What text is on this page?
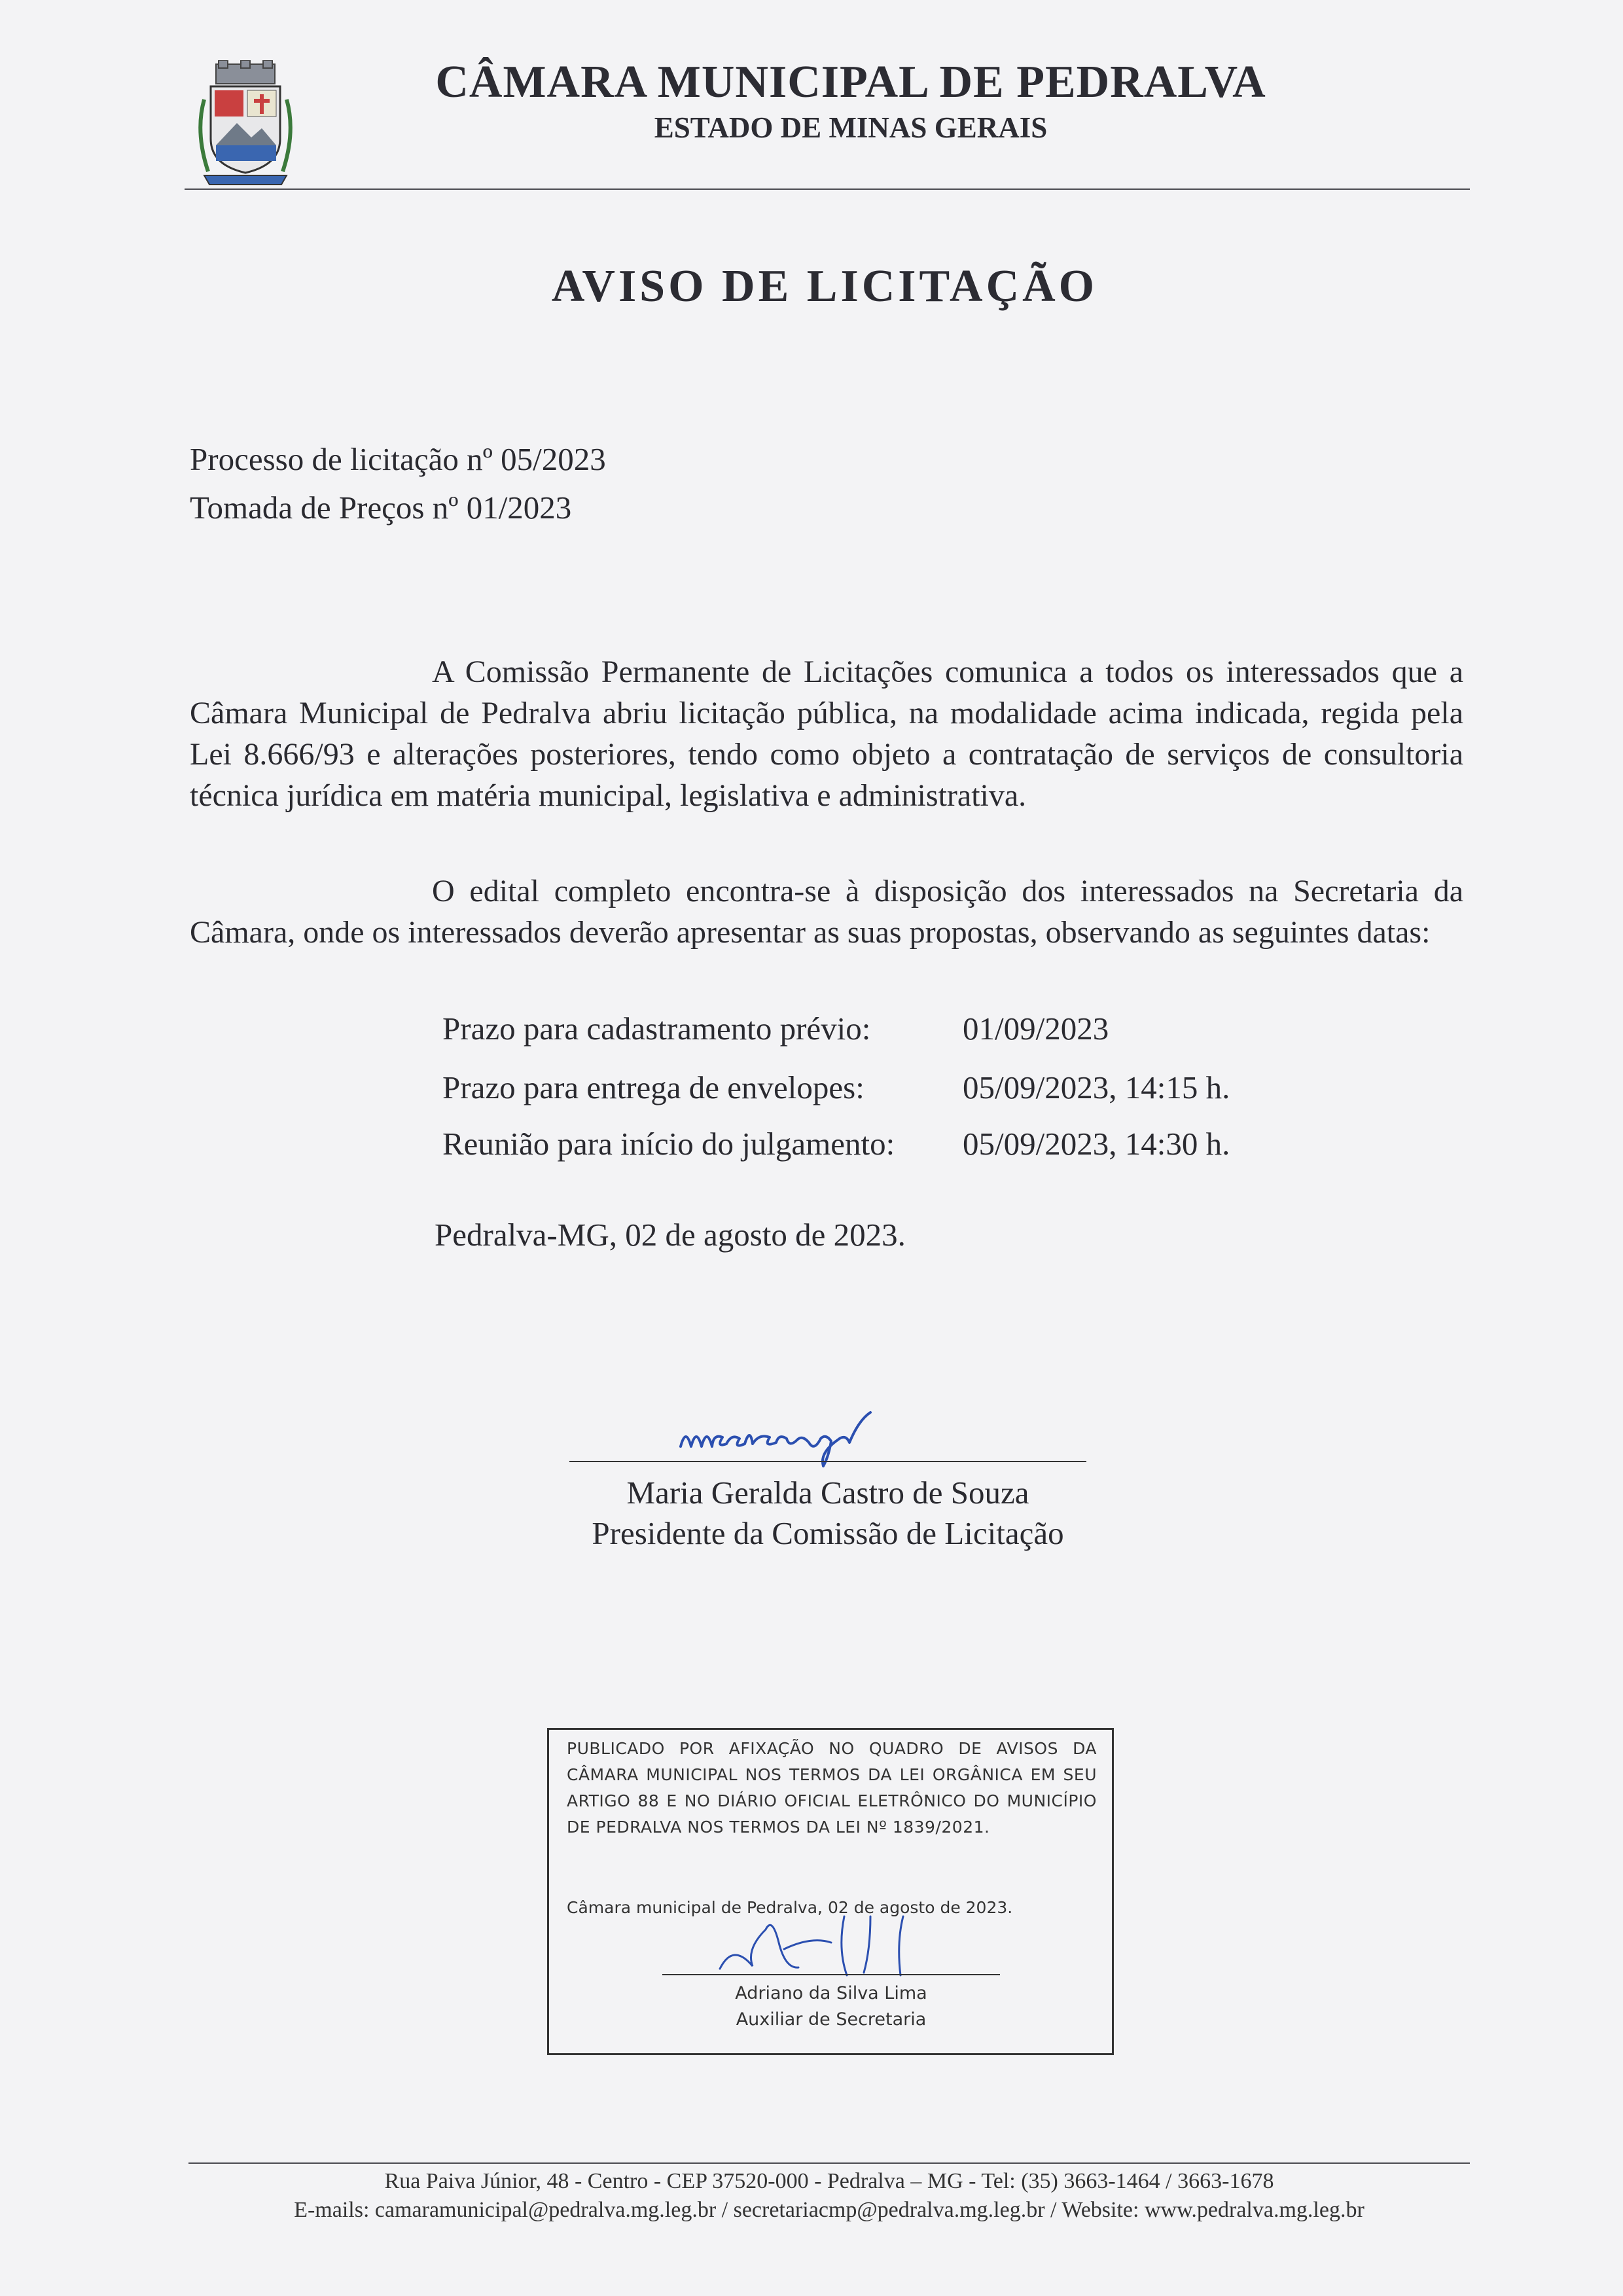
CÂMARA MUNICIPAL DE PEDRALVA
ESTADO DE MINAS GERAIS
AVISO DE LICITAÇÃO
Processo de licitação nº 05/2023
Tomada de Preços nº 01/2023
A Comissão Permanente de Licitações comunica a todos os interessados que a Câmara Municipal de Pedralva abriu licitação pública, na modalidade acima indicada, regida pela Lei 8.666/93 e alterações posteriores, tendo como objeto a contratação de serviços de consultoria técnica jurídica em matéria municipal, legislativa e administrativa.
O edital completo encontra-se à disposição dos interessados na Secretaria da Câmara, onde os interessados deverão apresentar as suas propostas, observando as seguintes datas:
Prazo para cadastramento prévio:	01/09/2023
Prazo para entrega de envelopes:	05/09/2023, 14:15 h.
Reunião para início do julgamento: 05/09/2023, 14:30 h.
Pedralva-MG, 02 de agosto de 2023.
Maria Geralda Castro de Souza
Presidente da Comissão de Licitação
PUBLICADO POR AFIXAÇÃO NO QUADRO DE AVISOS DA CÂMARA MUNICIPAL NOS TERMOS DA LEI ORGÂNICA EM SEU ARTIGO 88 E NO DIÁRIO OFICIAL ELETRÔNICO DO MUNICÍPIO DE PEDRALVA NOS TERMOS DA LEI Nº 1839/2021.
Câmara municipal de Pedralva, 02 de agosto de 2023.
Adriano da Silva Lima
Auxiliar de Secretaria
Rua Paiva Júnior, 48 - Centro - CEP 37520-000 - Pedralva – MG - Tel: (35) 3663-1464 / 3663-1678
E-mails: camaramunicipal@pedralva.mg.leg.br / secretariacmp@pedralva.mg.leg.br / Website: www.pedralva.mg.leg.br
